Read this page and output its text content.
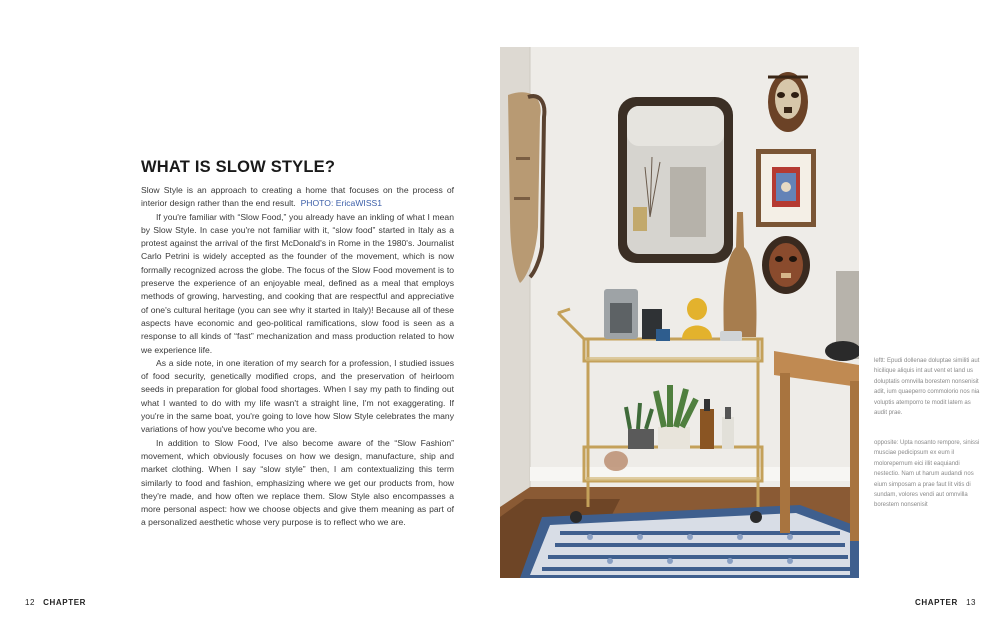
WHAT IS SLOW STYLE?

Slow Style is an approach to creating a home that focuses on the process of interior design rather than the end result. PHOTO: EricaWISS1

If you're familiar with “Slow Food,” you already have an inkling of what I mean by Slow Style. In case you're not familiar with it, “slow food” started in Italy as a protest against the arrival of the first McDonald's in Rome in the 1980's. Journalist Carlo Petrini is widely accepted as the founder of the movement, which is now formally recognized across the globe. The focus of the Slow Food movement is to preserve the experience of an enjoyable meal, defined as a meal that employs methods of growing, harvesting, and cooking that are respectful and appreciative of one's cultural heritage (you can see why it started in Italy)! Because all of these aspects have economic and geo-political ramifications, slow food is seen as a response to all kinds of “fast” mechanization and mass production related to how we experience life.

As a side note, in one iteration of my search for a profession, I studied issues of food security, genetically modified crops, and the preservation of heirloom seeds in preparation for global food shortages. When I say my path to finding out what I wanted to do with my life wasn't a straight line, I'm not exaggerating. If you're in the same boat, you're going to love how Slow Style celebrates the many variations of how you've become who you are.

In addition to Slow Food, I've also become aware of the “Slow Fashion” movement, which obviously focuses on how we design, manufacture, ship and market clothing. When I say “slow style” then, I am contextualizing this term similarly to food and fashion, emphasizing where we get our products from, how they're made, and how often we replace them. Slow Style also encompasses a more personal aspect: how we choose objects and give them meaning as part of a personalized aesthetic whose very purpose is to reflect who we are.

12 CHAPTER

leftt: Epudi dollenae doluptae similiti aut hicilique aliquis int aut vent et land us doluptatis omnvilla borestem nonsenisit adit, ium quaeperro commolorio nos nia voluptis atemporro te modit latem as audit prae.

opposite: Upta nosanto rempore, sinissi musciae pedicipsum ex eum il molorepernum eici illit eaquiandi nestectio. Nam ut harum audandi nos eium simposam a prae faut lit vitis di sundam, volores vendi aut omnvilla borestem nonsenisit

CHAPTER 13
